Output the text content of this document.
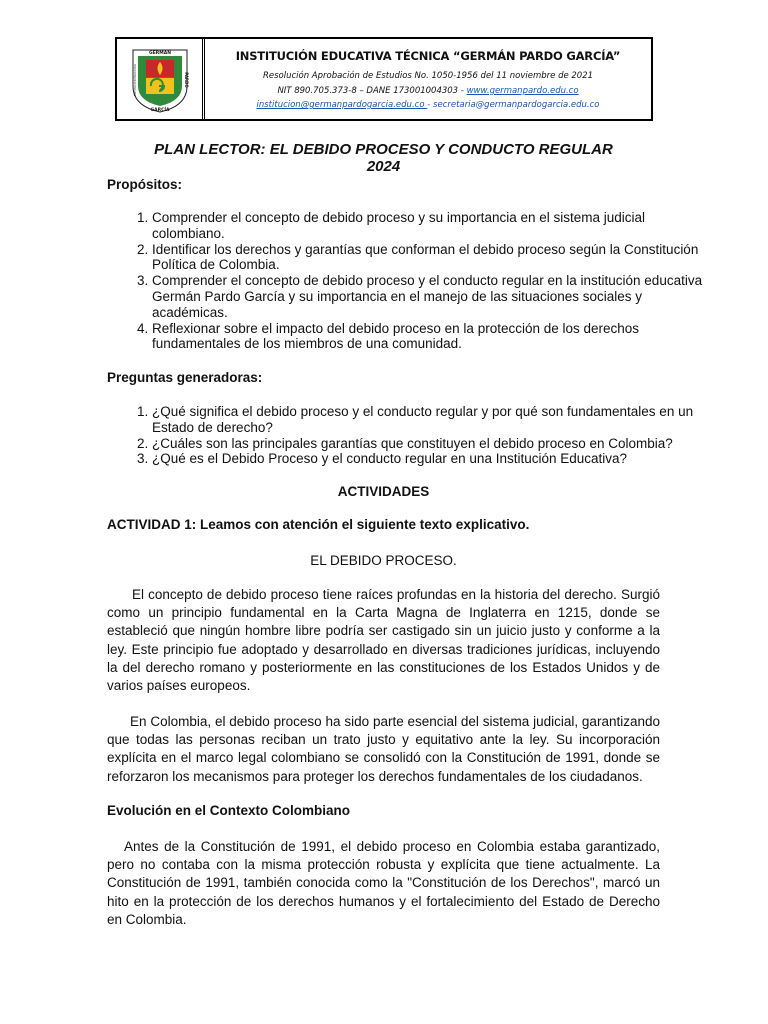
GERMÁN
GARCÍA
INSTITUCIÓN EDUCATIVA	PARDO
INSTITUCIÓN EDUCATIVA TÉCNICA “GERMÁN PARDO GARCÍA”
Resolución Aprobación de Estudios No. 1050-1956 del 11 noviembre de 2021
NIT 890.705.373-8 – DANE 173001004303 - www.germanpardo.edu.co
institucion@germanpardogarcia.edu.co - secretaria@germanpardogarcia.edu.co
PLAN LECTOR: EL DEBIDO PROCESO Y CONDUCTO REGULAR
2024
Propósitos:
1. Comprender el concepto de debido proceso y su importancia en el sistema judicial colombiano.
2. Identificar los derechos y garantías que conforman el debido proceso según la Constitución Política de Colombia.
3. Comprender el concepto de debido proceso y el conducto regular en la institución educativa Germán Pardo García y su importancia en el manejo de las situaciones sociales y académicas.
4. Reflexionar sobre el impacto del debido proceso en la protección de los derechos fundamentales de los miembros de una comunidad.
Preguntas generadoras:
1. ¿Qué significa el debido proceso y el conducto regular y por qué son fundamentales en un Estado de derecho?
2. ¿Cuáles son las principales garantías que constituyen el debido proceso en Colombia?
3. ¿Qué es el Debido Proceso y el conducto regular en una Institución Educativa?
ACTIVIDADES
ACTIVIDAD 1: Leamos con atención el siguiente texto explicativo.
EL DEBIDO PROCESO.

El concepto de debido proceso tiene raíces profundas en la historia del derecho. Surgió como un principio fundamental en la Carta Magna de Inglaterra en 1215, donde se estableció que ningún hombre libre podría ser castigado sin un juicio justo y conforme a la ley. Este principio fue adoptado y desarrollado en diversas tradiciones jurídicas, incluyendo la del derecho romano y posteriormente en las constituciones de los Estados Unidos y de varios países europeos.

En Colombia, el debido proceso ha sido parte esencial del sistema judicial, garantizando que todas las personas reciban un trato justo y equitativo ante la ley. Su incorporación explícita en el marco legal colombiano se consolidó con la Constitución de 1991, donde se reforzaron los mecanismos para proteger los derechos fundamentales de los ciudadanos.

Evolución en el Contexto Colombiano

Antes de la Constitución de 1991, el debido proceso en Colombia estaba garantizado, pero no contaba con la misma protección robusta y explícita que tiene actualmente. La Constitución de 1991, también conocida como la "Constitución de los Derechos", marcó un hito en la protección de los derechos humanos y el fortalecimiento del Estado de Derecho en Colombia.
